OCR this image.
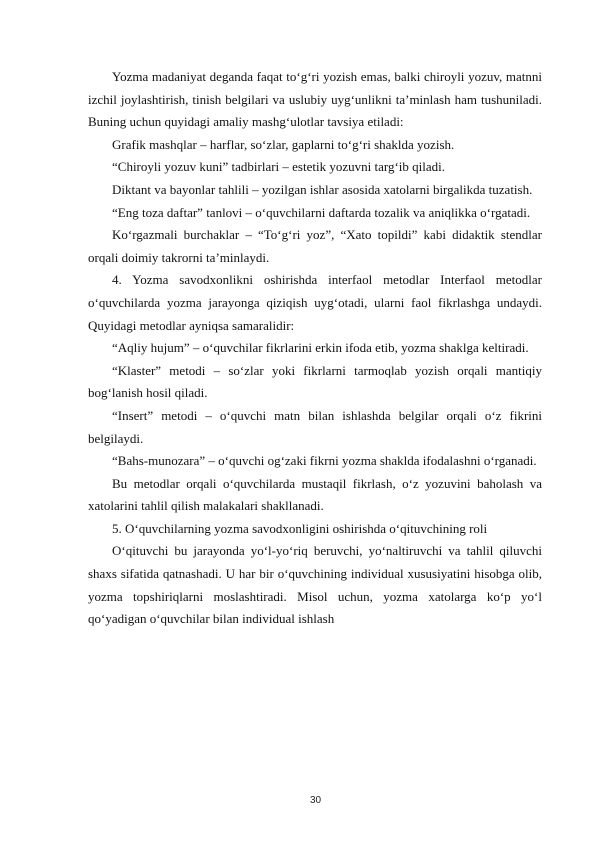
Yozma madaniyat deganda faqat to‘g‘ri yozish emas, balki chiroyli yozuv, matnni izchil joylashtirish, tinish belgilari va uslubiy uyg‘unlikni ta’minlash ham tushuniladi. Buning uchun quyidagi amaliy mashg‘ulotlar tavsiya etiladi:

Grafik mashqlar – harflar, so‘zlar, gaplarni to‘g‘ri shaklda yozish.

“Chiroyli yozuv kuni” tadbirlari – estetik yozuvni targ‘ib qiladi.

Diktant va bayonlar tahlili – yozilgan ishlar asosida xatolarni birgalikda tuzatish.

“Eng toza daftar” tanlovi – o‘quvchilarni daftarda tozalik va aniqlikka o‘rgatadi.

Ko‘rgazmali burchaklar – “To‘g‘ri yoz”, “Xato topildi” kabi didaktik stendlar orqali doimiy takrorni ta’minlaydi.

4. Yozma savodxonlikni oshirishda interfaol metodlar Interfaol metodlar o‘quvchilarda yozma jarayonga qiziqish uyg‘otadi, ularni faol fikrlashga undaydi. Quyidagi metodlar ayniqsa samaralidir:

“Aqliy hujum” – o‘quvchilar fikrlarini erkin ifoda etib, yozma shaklga keltiradi.

“Klaster” metodi – so‘zlar yoki fikrlarni tarmoqlab yozish orqali mantiqiy bog‘lanish hosil qiladi.

“Insert” metodi – o‘quvchi matn bilan ishlashda belgilar orqali o‘z fikrini belgilaydi.

“Bahs-munozara” – o‘quvchi og‘zaki fikrni yozma shaklda ifodalashni o‘rganadi.

Bu metodlar orqali o‘quvchilarda mustaqil fikrlash, o‘z yozuvini baholash va xatolarini tahlil qilish malakalari shakllanadi.

5. O‘quvchilarning yozma savodxonligini oshirishda o‘qituvchining roli

O‘qituvchi bu jarayonda yo‘l-yo‘riq beruvchi, yo‘naltiruvchi va tahlil qiluvchi shaxs sifatida qatnashadi. U har bir o‘quvchining individual xususiyatini hisobga olib, yozma topshiriqlarni moslashtiradi. Misol uchun, yozma xatolarga ko‘p yo‘l qo‘yadigan o‘quvchilar bilan individual ishlash

30
